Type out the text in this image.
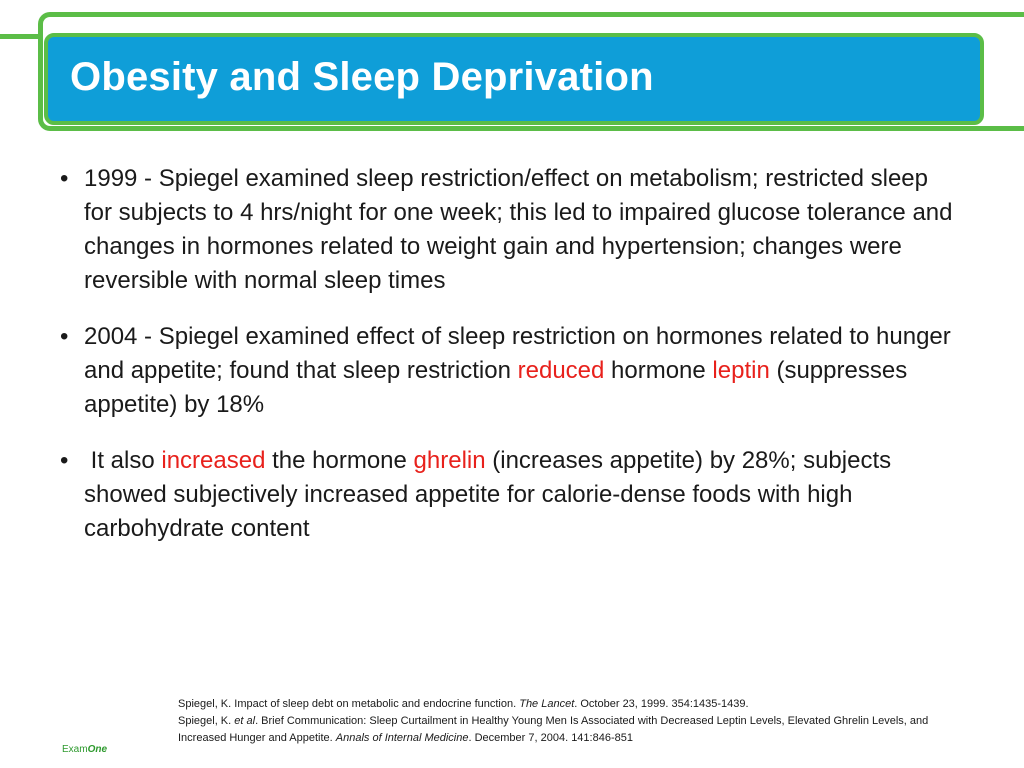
Obesity and Sleep Deprivation
• 1999 - Spiegel examined sleep restriction/effect on metabolism; restricted sleep for subjects to 4 hrs/night for one week; this led to impaired glucose tolerance and changes in hormones related to weight gain and hypertension; changes were reversible with normal sleep times
• 2004 - Spiegel examined effect of sleep restriction on hormones related to hunger and appetite; found that sleep restriction reduced hormone leptin (suppresses appetite) by 18%
• It also increased the hormone ghrelin (increases appetite) by 28%; subjects showed subjectively increased appetite for calorie-dense foods with high carbohydrate content

Spiegel, K. Impact of sleep debt on metabolic and endocrine function. The Lancet. October 23, 1999. 354:1435-1439.

Spiegel, K. et al. Brief Communication: Sleep Curtailment in Healthy Young Men Is Associated with Decreased Leptin Levels, Elevated Ghrelin Levels, and Increased Hunger and Appetite. Annals of Internal Medicine. December 7, 2004. 141:846-851

ExamOne
